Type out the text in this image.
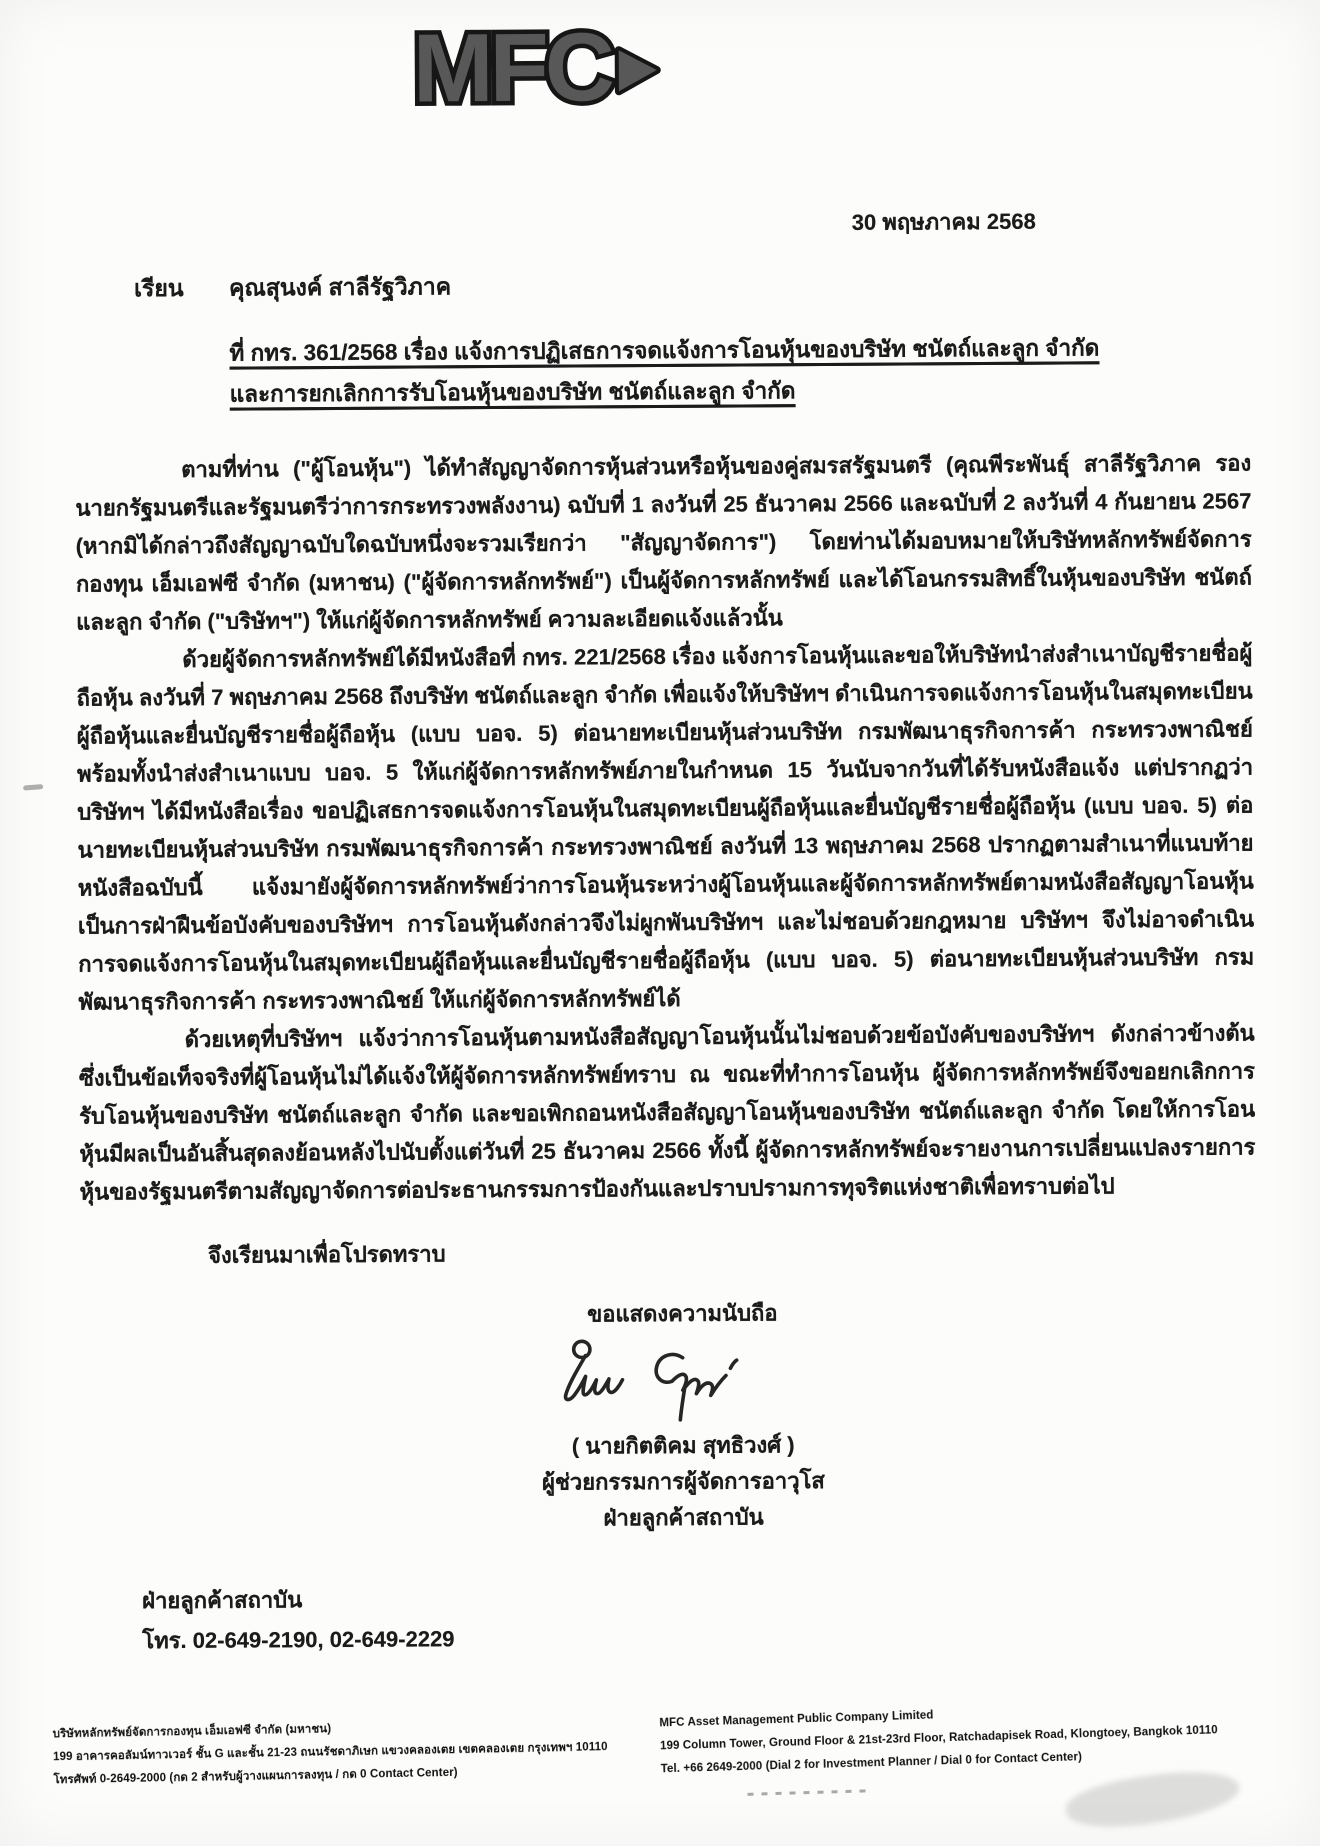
MFC
30 พฤษภาคม 2568
เรียน คุณสุนงค์ สาลีรัฐวิภาค
ที่ กทร. 361/2568 เรื่อง แจ้งการปฏิเสธการจดแจ้งการโอนหุ้นของบริษัท ชนัตถ์และลูก จำกัด
และการยกเลิกการรับโอนหุ้นของบริษัท ชนัตถ์และลูก จำกัด

ตามที่ท่าน ("ผู้โอนหุ้น") ได้ทำสัญญาจัดการหุ้นส่วนหรือหุ้นของคู่สมรสรัฐมนตรี (คุณพีระพันธุ์ สาลีรัฐวิภาค รองนายกรัฐมนตรีและรัฐมนตรีว่าการกระทรวงพลังงาน) ฉบับที่ 1 ลงวันที่ 25 ธันวาคม 2566 และฉบับที่ 2 ลงวันที่ 4 กันยายน 2567 (หากมิได้กล่าวถึงสัญญาฉบับใดฉบับหนึ่งจะรวมเรียกว่า "สัญญาจัดการ") โดยท่านได้มอบหมายให้บริษัทหลักทรัพย์จัดการกองทุน เอ็มเอฟซี จำกัด (มหาชน) ("ผู้จัดการหลักทรัพย์") เป็นผู้จัดการหลักทรัพย์ และได้โอนกรรมสิทธิ์ในหุ้นของบริษัท ชนัตถ์และลูก จำกัด ("บริษัทฯ") ให้แก่ผู้จัดการหลักทรัพย์ ความละเอียดแจ้งแล้วนั้น

ด้วยผู้จัดการหลักทรัพย์ได้มีหนังสือที่ กทร. 221/2568 เรื่อง แจ้งการโอนหุ้นและขอให้บริษัทนำส่งสำเนาบัญชีรายชื่อผู้ถือหุ้น ลงวันที่ 7 พฤษภาคม 2568 ถึงบริษัท ชนัตถ์และลูก จำกัด เพื่อแจ้งให้บริษัทฯ ดำเนินการจดแจ้งการโอนหุ้นในสมุดทะเบียนผู้ถือหุ้นและยื่นบัญชีรายชื่อผู้ถือหุ้น (แบบ บอจ. 5) ต่อนายทะเบียนหุ้นส่วนบริษัท กรมพัฒนาธุรกิจการค้า กระทรวงพาณิชย์ พร้อมทั้งนำส่งสำเนาแบบ บอจ. 5 ให้แก่ผู้จัดการหลักทรัพย์ภายในกำหนด 15 วันนับจากวันที่ได้รับหนังสือแจ้ง แต่ปรากฏว่าบริษัทฯ ได้มีหนังสือเรื่อง ขอปฏิเสธการจดแจ้งการโอนหุ้นในสมุดทะเบียนผู้ถือหุ้นและยื่นบัญชีรายชื่อผู้ถือหุ้น (แบบ บอจ. 5) ต่อนายทะเบียนหุ้นส่วนบริษัท กรมพัฒนาธุรกิจการค้า กระทรวงพาณิชย์ ลงวันที่ 13 พฤษภาคม 2568 ปรากฏตามสำเนาที่แนบท้ายหนังสือฉบับนี้ แจ้งมายังผู้จัดการหลักทรัพย์ว่าการโอนหุ้นระหว่างผู้โอนหุ้นและผู้จัดการหลักทรัพย์ตามหนังสือสัญญาโอนหุ้นเป็นการฝ่าฝืนข้อบังคับของบริษัทฯ การโอนหุ้นดังกล่าวจึงไม่ผูกพันบริษัทฯ และไม่ชอบด้วยกฎหมาย บริษัทฯ จึงไม่อาจดำเนินการจดแจ้งการโอนหุ้นในสมุดทะเบียนผู้ถือหุ้นและยื่นบัญชีรายชื่อผู้ถือหุ้น (แบบ บอจ. 5) ต่อนายทะเบียนหุ้นส่วนบริษัท กรมพัฒนาธุรกิจการค้า กระทรวงพาณิชย์ ให้แก่ผู้จัดการหลักทรัพย์ได้

ด้วยเหตุที่บริษัทฯ แจ้งว่าการโอนหุ้นตามหนังสือสัญญาโอนหุ้นนั้นไม่ชอบด้วยข้อบังคับของบริษัทฯ ดังกล่าวข้างต้น ซึ่งเป็นข้อเท็จจริงที่ผู้โอนหุ้นไม่ได้แจ้งให้ผู้จัดการหลักทรัพย์ทราบ ณ ขณะที่ทำการโอนหุ้น ผู้จัดการหลักทรัพย์จึงขอยกเลิกการรับโอนหุ้นของบริษัท ชนัตถ์และลูก จำกัด และขอเพิกถอนหนังสือสัญญาโอนหุ้นของบริษัท ชนัตถ์และลูก จำกัด โดยให้การโอนหุ้นมีผลเป็นอันสิ้นสุดลงย้อนหลังไปนับตั้งแต่วันที่ 25 ธันวาคม 2566 ทั้งนี้ ผู้จัดการหลักทรัพย์จะรายงานการเปลี่ยนแปลงรายการหุ้นของรัฐมนตรีตามสัญญาจัดการต่อประธานกรรมการป้องกันและปราบปรามการทุจริตแห่งชาติเพื่อทราบต่อไป

จึงเรียนมาเพื่อโปรดทราบ
ขอแสดงความนับถือ
( นายกิตติคม สุทธิวงศ์ )
ผู้ช่วยกรรมการผู้จัดการอาวุโส
ฝ่ายลูกค้าสถาบัน
ฝ่ายลูกค้าสถาบัน
โทร. 02-649-2190, 02-649-2229
บริษัทหลักทรัพย์จัดการกองทุน เอ็มเอฟซี จำกัด (มหาชน)
199 อาคารคอลัมน์ทาวเวอร์ ชั้น G และชั้น 21-23 ถนนรัชดาภิเษก แขวงคลองเตย เขตคลองเตย กรุงเทพฯ 10110
โทรศัพท์ 0-2649-2000 (กด 2 สำหรับผู้วางแผนการลงทุน / กด 0 Contact Center)
MFC Asset Management Public Company Limited
199 Column Tower, Ground Floor & 21st-23rd Floor, Ratchadapisek Road, Klongtoey, Bangkok 10110
Tel. +66 2649-2000 (Dial 2 for Investment Planner / Dial 0 for Contact Center)
